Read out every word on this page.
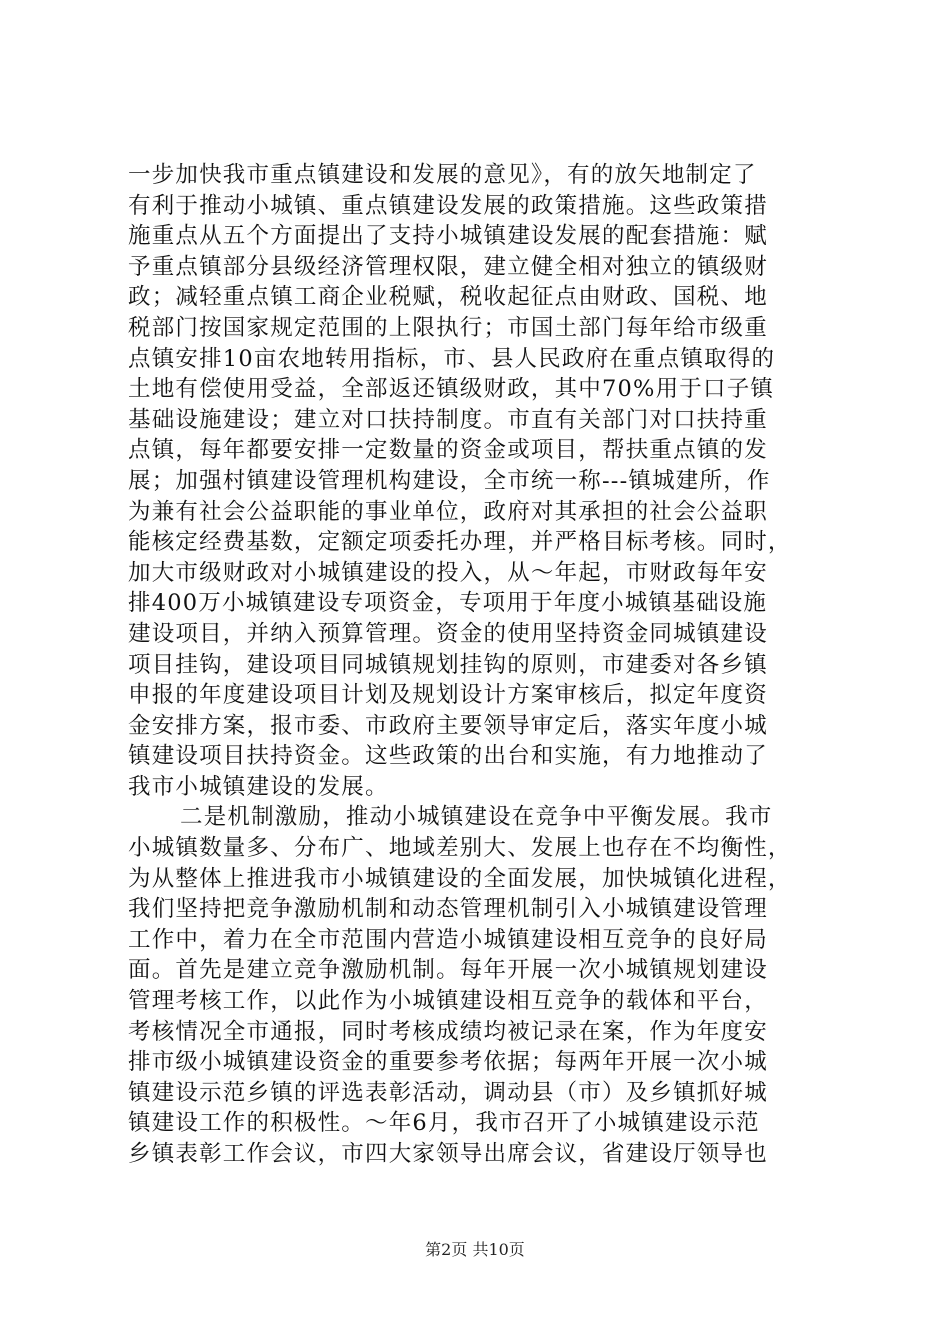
一步加快我市重点镇建设和发展的意见》，有的放矢地制定了
有利于推动小城镇、重点镇建设发展的政策措施。这些政策措
施重点从五个方面提出了支持小城镇建设发展的配套措施：赋
予重点镇部分县级经济管理权限，建立健全相对独立的镇级财
政；减轻重点镇工商企业税赋，税收起征点由财政、国税、地
税部门按国家规定范围的上限执行；市国土部门每年给市级重
点镇安排10亩农地转用指标，市、县人民政府在重点镇取得的
土地有偿使用受益，全部返还镇级财政，其中70%用于口子镇
基础设施建设；建立对口扶持制度。市直有关部门对口扶持重
点镇，每年都要安排一定数量的资金或项目，帮扶重点镇的发
展；加强村镇建设管理机构建设，全市统一称---镇城建所，作
为兼有社会公益职能的事业单位，政府对其承担的社会公益职
能核定经费基数，定额定项委托办理，并严格目标考核。同时，
加大市级财政对小城镇建设的投入，从～年起，市财政每年安
排400万小城镇建设专项资金，专项用于年度小城镇基础设施
建设项目，并纳入预算管理。资金的使用坚持资金同城镇建设
项目挂钩，建设项目同城镇规划挂钩的原则，市建委对各乡镇
申报的年度建设项目计划及规划设计方案审核后，拟定年度资
金安排方案，报市委、市政府主要领导审定后，落实年度小城
镇建设项目扶持资金。这些政策的出台和实施，有力地推动了
我市小城镇建设的发展。
二是机制激励，推动小城镇建设在竞争中平衡发展。我市
小城镇数量多、分布广、地域差别大、发展上也存在不均衡性，
为从整体上推进我市小城镇建设的全面发展，加快城镇化进程，
我们坚持把竞争激励机制和动态管理机制引入小城镇建设管理
工作中，着力在全市范围内营造小城镇建设相互竞争的良好局
面。首先是建立竞争激励机制。每年开展一次小城镇规划建设
管理考核工作，以此作为小城镇建设相互竞争的载体和平台，
考核情况全市通报，同时考核成绩均被记录在案，作为年度安
排市级小城镇建设资金的重要参考依据；每两年开展一次小城
镇建设示范乡镇的评选表彰活动，调动县（市）及乡镇抓好城
镇建设工作的积极性。～年6月，我市召开了小城镇建设示范
乡镇表彰工作会议，市四大家领导出席会议，省建设厅领导也
第2页 共10页
